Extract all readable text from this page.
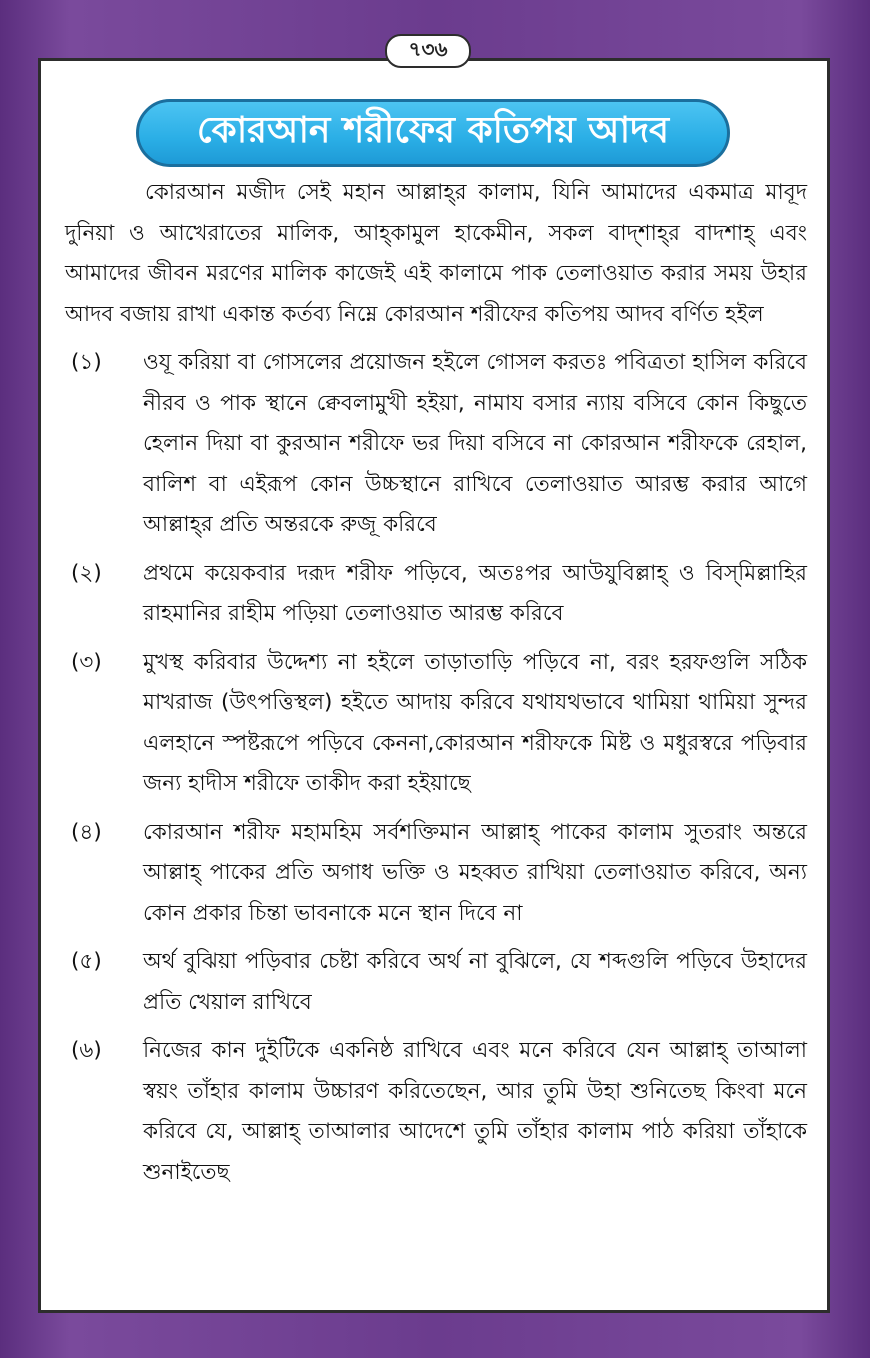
৭৩৬
কোরআন শরীফের কতিপয় আদব

কোরআন মজীদ সেই মহান আল্লাহ্‌র কালাম, যিনি আমাদের একমাত্র মাবূদ দুনিয়া ও আখেরাতের মালিক, আহ্‌কামুল হাকেমীন, সকল বাদ্‌শাহ্‌র বাদশাহ্‌ এবং আমাদের জীবন মরণের মালিক কাজেই এই কালামে পাক তেলাওয়াত করার সময় উহার আদব বজায় রাখা একান্ত কর্তব্য নিম্নে কোরআন শরীফের কতিপয় আদব বর্ণিত হইল

(১)	ওযূ করিয়া বা গোসলের প্রয়োজন হইলে গোসল করতঃ পবিত্রতা হাসিল করিবে নীরব ও পাক স্থানে ক্বেবলামুখী হইয়া, নামায বসার ন্যায় বসিবে কোন কিছুতে হেলান দিয়া বা কুরআন শরীফে ভর দিয়া বসিবে না কোরআন শরীফকে রেহাল, বালিশ বা এইরূপ কোন উচ্চস্থানে রাখিবে তেলাওয়াত আরম্ভ করার আগে আল্লাহ্‌র প্রতি অন্তরকে রুজূ করিবে
(২)	প্রথমে কয়েকবার দরূদ শরীফ পড়িবে, অতঃপর আউযুবিল্লাহ্‌ ও বিস্‌মিল্লাহির রাহমানির রাহীম পড়িয়া তেলাওয়াত আরম্ভ করিবে
(৩)	মুখস্থ করিবার উদ্দেশ্য না হইলে তাড়াতাড়ি পড়িবে না, বরং হরফগুলি সঠিক মাখরাজ (উৎপত্তিস্থল) হইতে আদায় করিবে যথাযথভাবে থামিয়া থামিয়া সুন্দর এলহানে স্পষ্টরূপে পড়িবে কেননা,কোরআন শরীফকে মিষ্ট ও মধুরস্বরে পড়িবার জন্য হাদীস শরীফে তাকীদ করা হইয়াছে
(৪)	কোরআন শরীফ মহামহিম সর্বশক্তিমান আল্লাহ্‌ পাকের কালাম সুতরাং অন্তরে আল্লাহ্‌ পাকের প্রতি অগাধ ভক্তি ও মহব্বত রাখিয়া তেলাওয়াত করিবে, অন্য কোন প্রকার চিন্তা ভাবনাকে মনে স্থান দিবে না
(৫)	অর্থ বুঝিয়া পড়িবার চেষ্টা করিবে অর্থ না বুঝিলে, যে শব্দগুলি পড়িবে উহাদের প্রতি খেয়াল রাখিবে
(৬)	নিজের কান দুইটিকে একনিষ্ঠ রাখিবে এবং মনে করিবে যেন আল্লাহ্‌ তাআলা স্বয়ং তাঁহার কালাম উচ্চারণ করিতেছেন, আর তুমি উহা শুনিতেছ কিংবা মনে করিবে যে, আল্লাহ্‌ তাআলার আদেশে তুমি তাঁহার কালাম পাঠ করিয়া তাঁহাকে শুনাইতেছ
